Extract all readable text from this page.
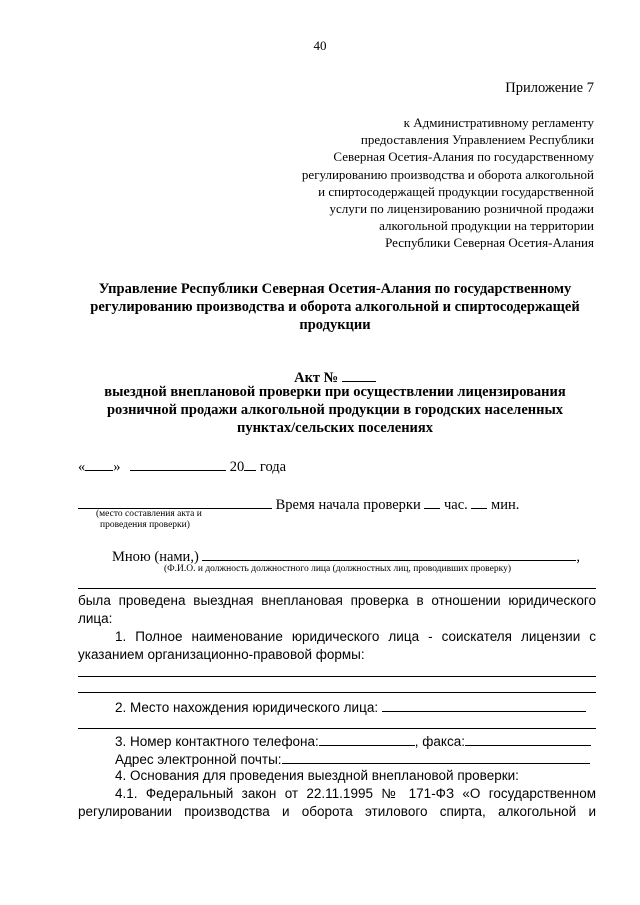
40
Приложение 7
к Административному регламенту
предоставления Управлением Республики
Северная Осетия-Алания по государственному
регулированию производства и оборота алкогольной
и спиртосодержащей продукции государственной
услуги по лицензированию розничной продажи
алкогольной продукции на территории
Республики Северная Осетия-Алания
Управление Республики Северная Осетия-Алания по государственному
регулированию производства и оборота алкогольной и спиртосодержащей
продукции
Акт №
выездной внеплановой проверки при осуществлении лицензирования
розничной продажи алкогольной продукции в городских населенных
пунктах/сельских поселениях
« »	20 года
Время начала проверки час. мин.
(место составления акта и
проведения проверки)
Мною (нами,)	,
(Ф.И.О. и должность должностного лица (должностных лиц, проводивших проверку)
была проведена выездная внеплановая проверка в отношении юридического
лица:
1. Полное наименование юридического лица - соискателя лицензии с
указанием организационно-правовой формы:
2. Место нахождения юридического лица:
3. Номер контактного телефона:	, факса:
Адрес электронной почты:
4. Основания для проведения выездной внеплановой проверки:
4.1. Федеральный закон от 22.11.1995 № 171-ФЗ «О государственном
регулировании производства и оборота этилового спирта, алкогольной и
